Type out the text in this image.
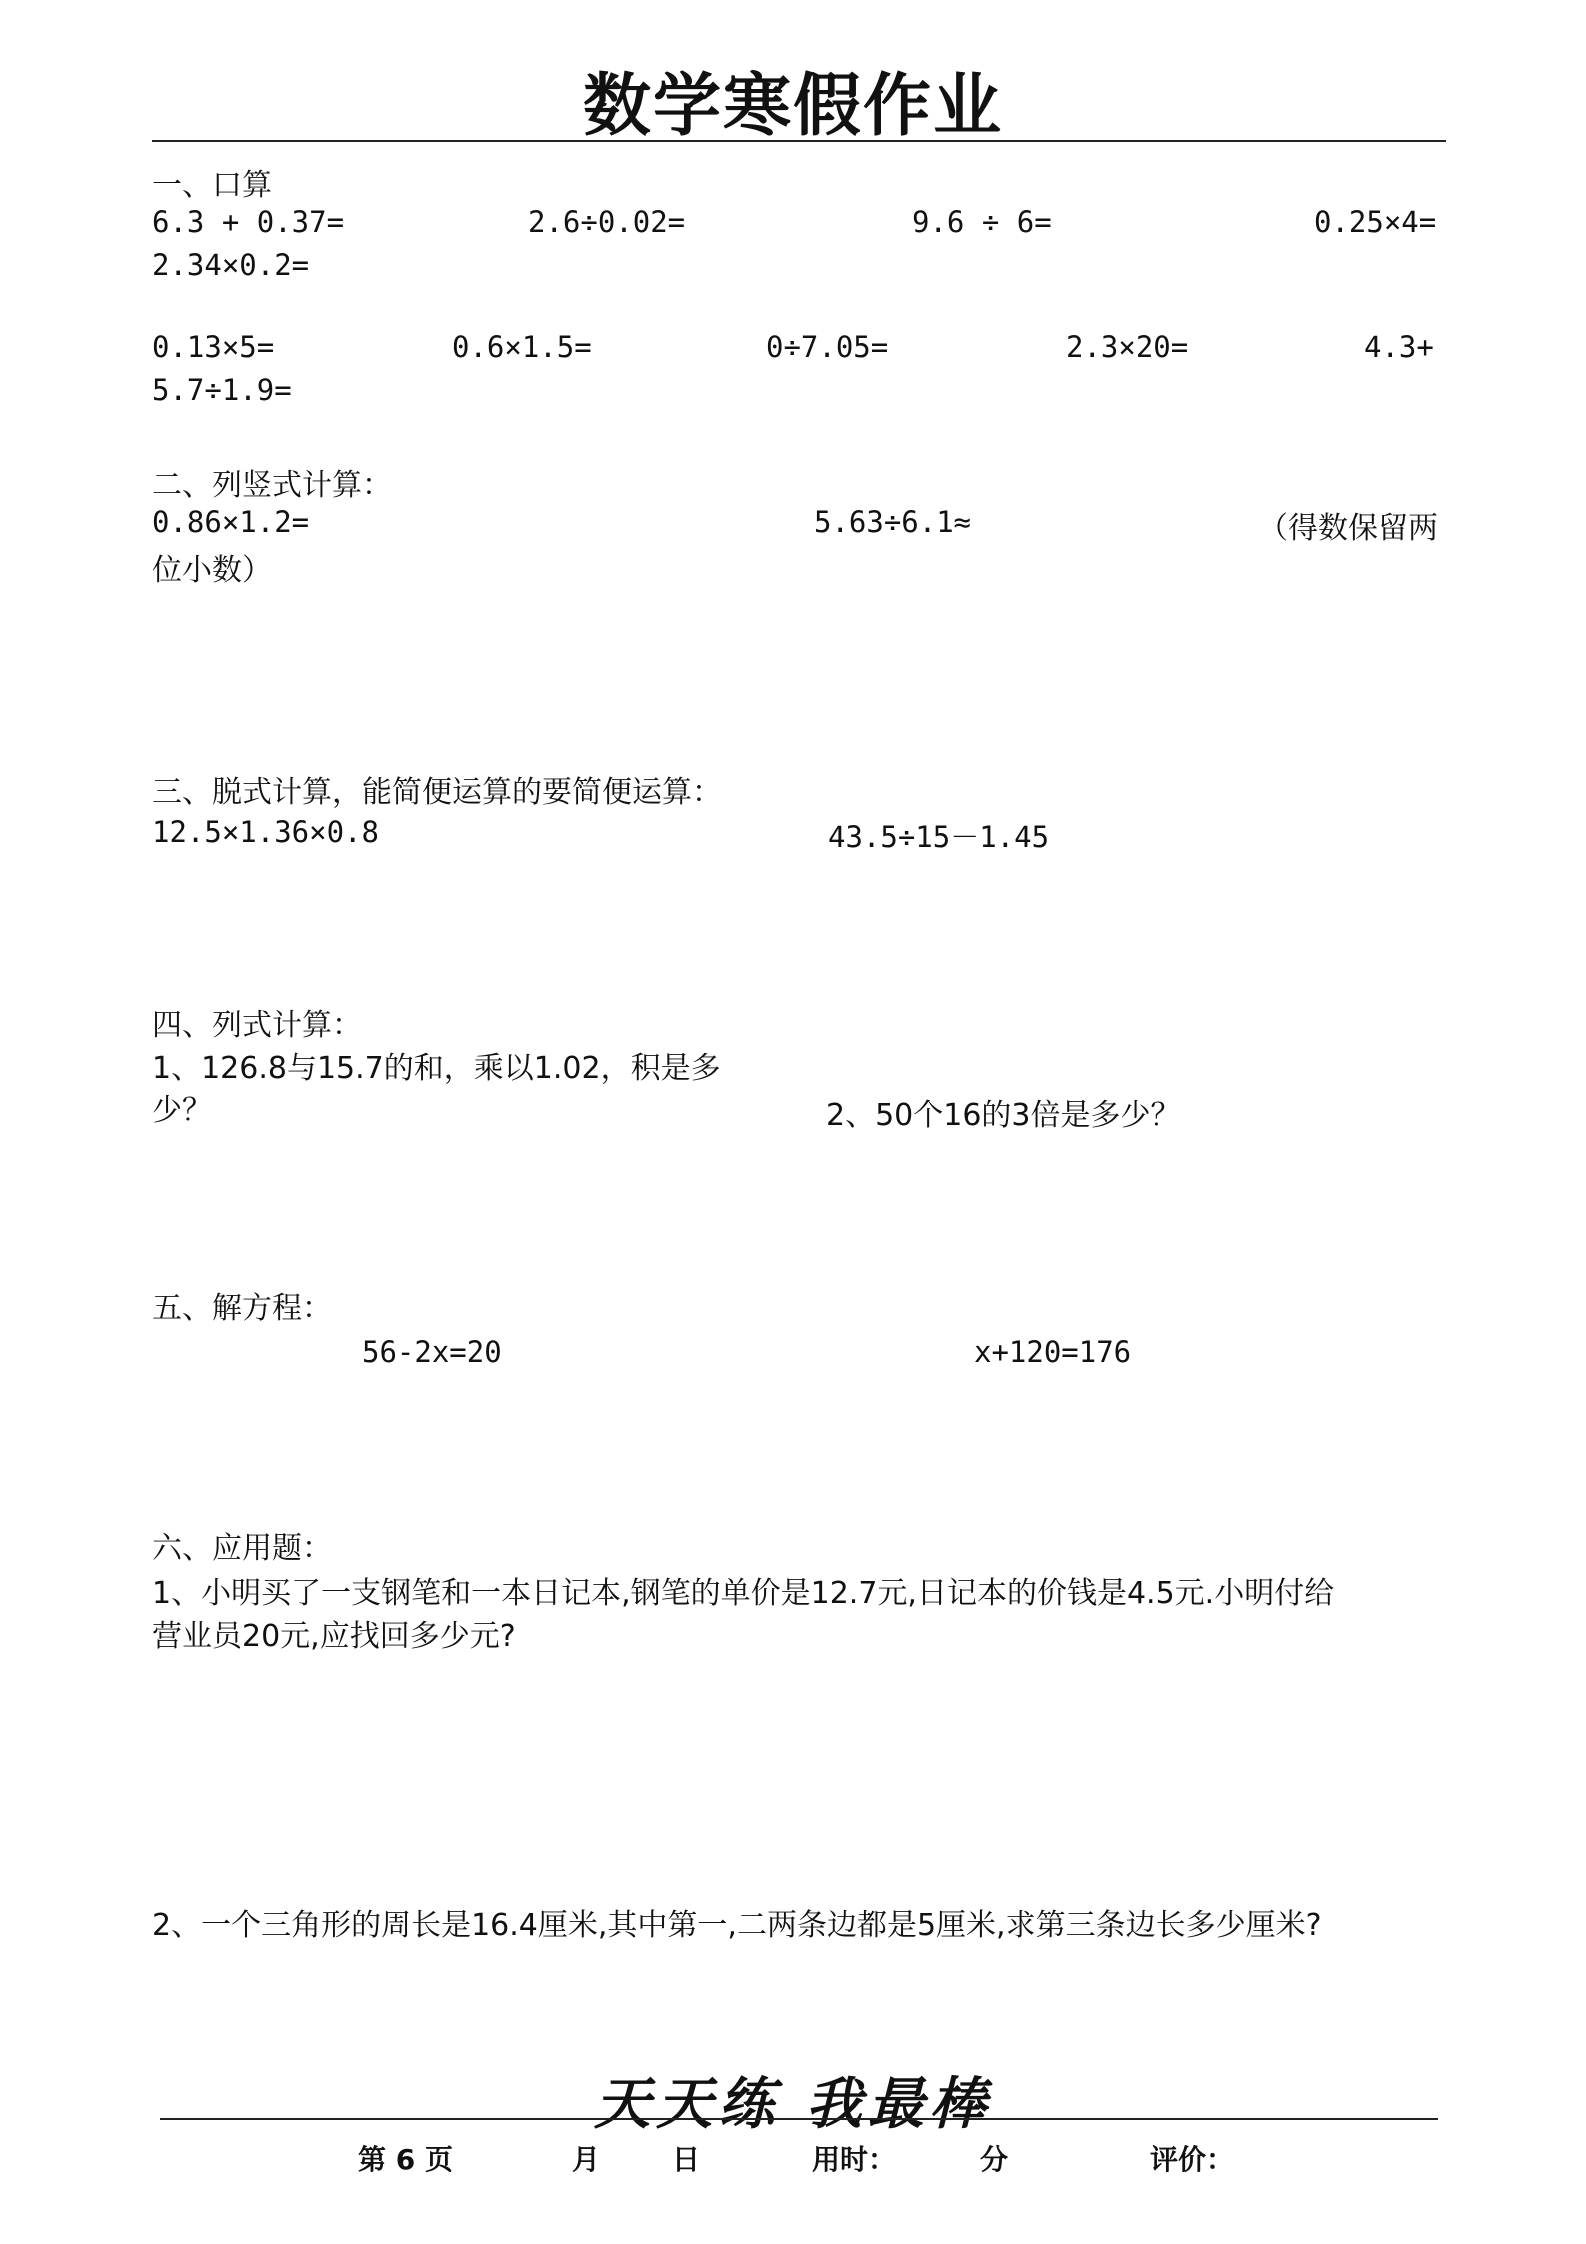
数学寒假作业
一、口算
6.3 + 0.37=	2.6÷0.02=	9.6 ÷ 6=	0.25×4=
2.34×0.2=
0.13×5=	0.6×1.5=	0÷7.05=	2.3×20=	4.3+
5.7÷1.9=
二、列竖式计算：
0.86×1.2=	5.63÷6.1≈	（得数保留两
位小数）
三、脱式计算，能简便运算的要简便运算：
12.5×1.36×0.8	43.5÷15－1.45
四、列式计算：
1、126.8与15.7的和，乘以1.02，积是多
少？	2、50个16的3倍是多少？
五、解方程：
56-2x=20	x+120=176
六、应用题：
1、小明买了一支钢笔和一本日记本,钢笔的单价是12.7元,日记本的价钱是4.5元.小明付给
营业员20元,应找回多少元?
2、一个三角形的周长是16.4厘米,其中第一,二两条边都是5厘米,求第三条边长多少厘米?
天天练 我最棒
第 6 页	月	日	用时：	分	评价：
